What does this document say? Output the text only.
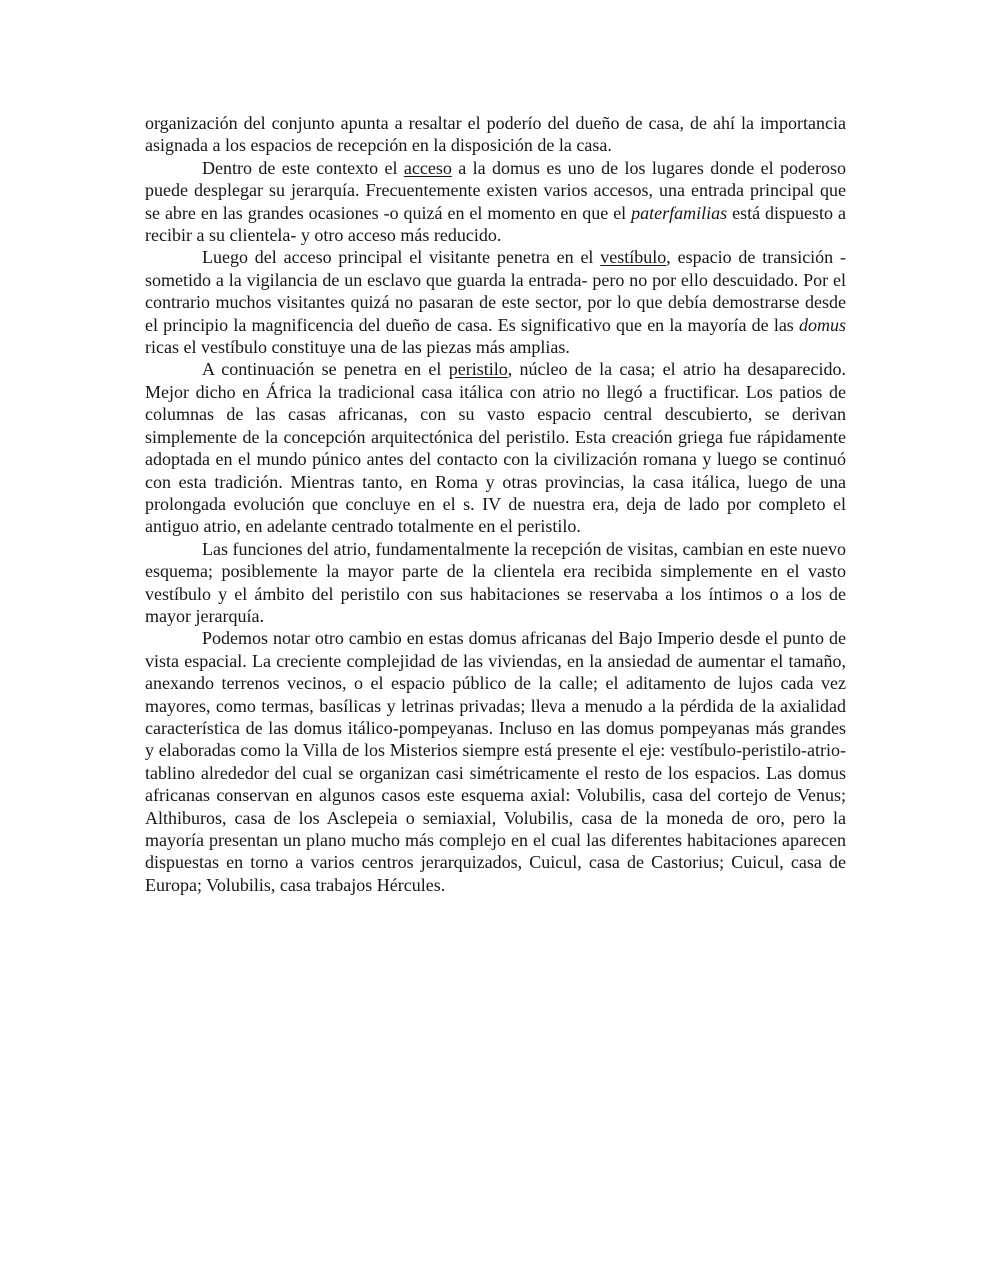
organización del conjunto apunta a resaltar el poderío del dueño de casa, de ahí la importancia asignada a los espacios de recepción en la disposición de la casa.

Dentro de este contexto el acceso a la domus es uno de los lugares donde el poderoso puede desplegar su jerarquía. Frecuentemente existen varios accesos, una entrada principal que se abre en las grandes ocasiones -o quizá en el momento en que el paterfamilias está dispuesto a recibir a su clientela- y otro acceso más reducido.

Luego del acceso principal el visitante penetra en el vestíbulo, espacio de transición -sometido a la vigilancia de un esclavo que guarda la entrada- pero no por ello descuidado. Por el contrario muchos visitantes quizá no pasaran de este sector, por lo que debía demostrarse desde el principio la magnificencia del dueño de casa. Es significativo que en la mayoría de las domus ricas el vestíbulo constituye una de las piezas más amplias.

A continuación se penetra en el peristilo, núcleo de la casa; el atrio ha desaparecido. Mejor dicho en África la tradicional casa itálica con atrio no llegó a fructificar. Los patios de columnas de las casas africanas, con su vasto espacio central descubierto, se derivan simplemente de la concepción arquitectónica del peristilo. Esta creación griega fue rápidamente adoptada en el mundo púnico antes del contacto con la civilización romana y luego se continuó con esta tradición. Mientras tanto, en Roma y otras provincias, la casa itálica, luego de una prolongada evolución que concluye en el s. IV de nuestra era, deja de lado por completo el antiguo atrio, en adelante centrado totalmente en el peristilo.

Las funciones del atrio, fundamentalmente la recepción de visitas, cambian en este nuevo esquema; posiblemente la mayor parte de la clientela era recibida simplemente en el vasto vestíbulo y el ámbito del peristilo con sus habitaciones se reservaba a los íntimos o a los de mayor jerarquía.

Podemos notar otro cambio en estas domus africanas del Bajo Imperio desde el punto de vista espacial. La creciente complejidad de las viviendas, en la ansiedad de aumentar el tamaño, anexando terrenos vecinos, o el espacio público de la calle; el aditamento de lujos cada vez mayores, como termas, basílicas y letrinas privadas; lleva a menudo a la pérdida de la axialidad característica de las domus itálico-pompeyanas. Incluso en las domus pompeyanas más grandes y elaboradas como la Villa de los Misterios siempre está presente el eje: vestíbulo-peristilo-atrio-tablino alrededor del cual se organizan casi simétricamente el resto de los espacios. Las domus africanas conservan en algunos casos este esquema axial: Volubilis, casa del cortejo de Venus; Althiburos, casa de los Asclepeia o semiaxial, Volubilis, casa de la moneda de oro, pero la mayoría presentan un plano mucho más complejo en el cual las diferentes habitaciones aparecen dispuestas en torno a varios centros jerarquizados, Cuicul, casa de Castorius; Cuicul, casa de Europa; Volubilis, casa trabajos Hércules.
